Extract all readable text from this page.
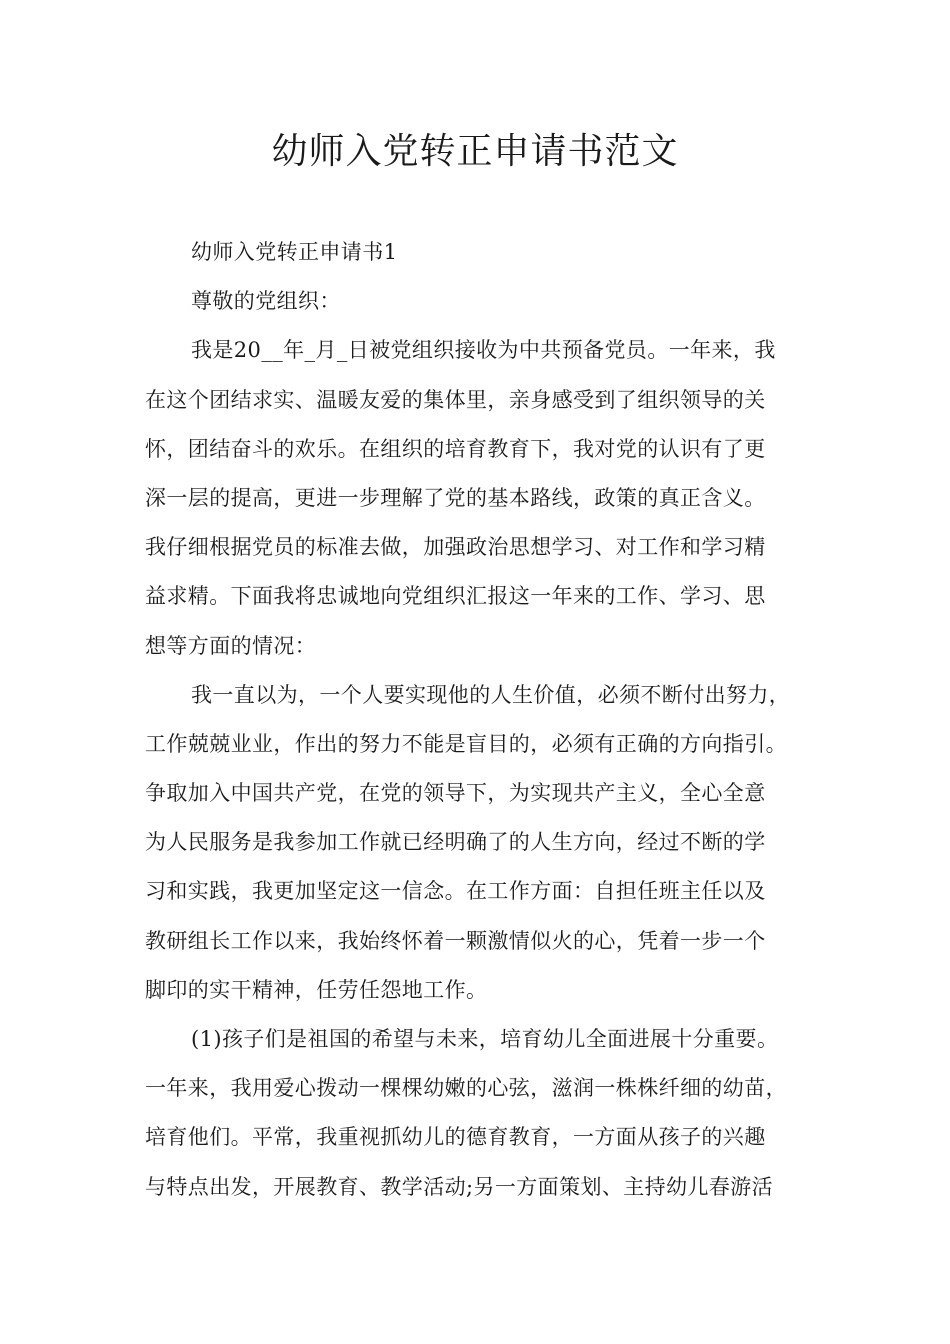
幼师入党转正申请书范文
幼师入党转正申请书1
尊敬的党组织：
我是20__年_月_日被党组织接收为中共预备党员。一年来，我
在这个团结求实、温暖友爱的集体里，亲身感受到了组织领导的关
怀，团结奋斗的欢乐。在组织的培育教育下，我对党的认识有了更
深一层的提高，更进一步理解了党的基本路线，政策的真正含义。
我仔细根据党员的标准去做，加强政治思想学习、对工作和学习精
益求精。下面我将忠诚地向党组织汇报这一年来的工作、学习、思
想等方面的情况：
我一直以为，一个人要实现他的人生价值，必须不断付出努力，
工作兢兢业业，作出的努力不能是盲目的，必须有正确的方向指引。
争取加入中国共产党，在党的领导下，为实现共产主义，全心全意
为人民服务是我参加工作就已经明确了的人生方向，经过不断的学
习和实践，我更加坚定这一信念。在工作方面：自担任班主任以及
教研组长工作以来，我始终怀着一颗激情似火的心，凭着一步一个
脚印的实干精神，任劳任怨地工作。
(1)孩子们是祖国的希望与未来，培育幼儿全面进展十分重要。
一年来，我用爱心拨动一棵棵幼嫩的心弦，滋润一株株纤细的幼苗，
培育他们。平常，我重视抓幼儿的德育教育，一方面从孩子的兴趣
与特点出发，开展教育、教学活动;另一方面策划、主持幼儿春游活
